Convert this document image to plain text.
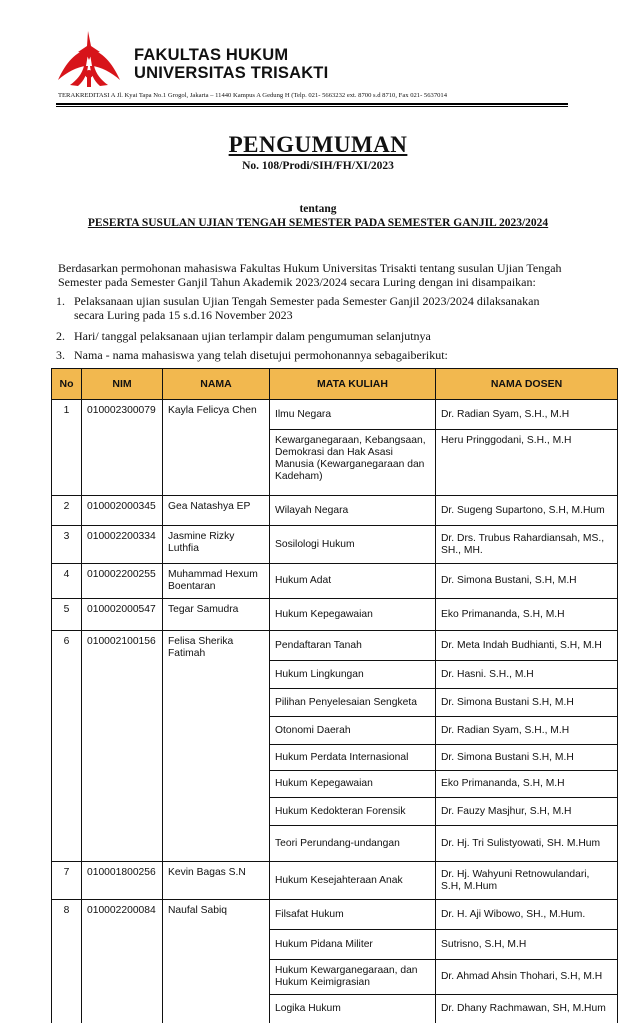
FAKULTAS HUKUM
UNIVERSITAS TRISAKTI
TERAKREDITASI A Jl. Kyai Tapa No.1 Grogol, Jakarta – 11440 Kampus A Gedung H (Telp. 021- 5663232 ext. 8700 s.d 8710, Fax 021- 5637014
PENGUMUMAN
No. 108/Prodi/SIH/FH/XI/2023
tentang
PESERTA SUSULAN UJIAN TENGAH SEMESTER PADA SEMESTER GANJIL 2023/2024
Berdasarkan permohonan mahasiswa Fakultas Hukum Universitas Trisakti tentang susulan Ujian Tengah
Semester pada Semester Ganjil Tahun Akademik 2023/2024 secara Luring dengan ini disampaikan:
1. Pelaksanaan ujian susulan Ujian Tengah Semester pada Semester Ganjil 2023/2024 dilaksanakan
secara Luring pada 15 s.d.16 November 2023
2. Hari/ tanggal pelaksanaan ujian terlampir dalam pengumuman selanjutnya
3. Nama - nama mahasiswa yang telah disetujui permohonannya sebagaiberikut:
No	NIM	NAMA	MATA KULIAH	NAMA DOSEN
1	010002300079	Kayla Felicya Chen	Ilmu Negara	Dr. Radian Syam, S.H., M.H
			Kewarganegaraan, Kebangsaan, Demokrasi dan Hak Asasi Manusia (Kewarganegaraan dan Kadeham)	Heru Pringgodani, S.H., M.H
2	010002000345	Gea Natashya EP	Wilayah Negara	Dr. Sugeng Supartono, S.H, M.Hum
3	010002200334	Jasmine Rizky Luthfia	Sosilologi Hukum	Dr. Drs. Trubus Rahardiansah, MS., SH., MH.
4	010002200255	Muhammad Hexum Boentaran	Hukum Adat	Dr. Simona Bustani, S.H, M.H
5	010002000547	Tegar Samudra	Hukum Kepegawaian	Eko Primananda, S.H, M.H
6	010002100156	Felisa Sherika Fatimah	Pendaftaran Tanah	Dr. Meta Indah Budhianti, S.H, M.H
			Hukum Lingkungan	Dr. Hasni. S.H., M.H
			Pilihan Penyelesaian Sengketa	Dr. Simona Bustani S.H, M.H
			Otonomi Daerah	Dr. Radian Syam, S.H., M.H
			Hukum Perdata Internasional	Dr. Simona Bustani S.H, M.H
			Hukum Kepegawaian	Eko Primananda, S.H, M.H
			Hukum Kedokteran Forensik	Dr. Fauzy Masjhur, S.H, M.H
			Teori Perundang-undangan	Dr. Hj. Tri Sulistyowati, SH. M.Hum
7	010001800256	Kevin Bagas S.N	Hukum Kesejahteraan Anak	Dr. Hj. Wahyuni Retnowulandari, S.H, M.Hum
8	010002200084	Naufal Sabiq	Filsafat Hukum	Dr. H. Aji Wibowo, SH., M.Hum.
			Hukum Pidana Militer	Sutrisno, S.H, M.H
			Hukum Kewarganegaraan, dan Hukum Keimigrasian	Dr. Ahmad Ahsin Thohari, S.H, M.H
			Logika Hukum	Dr. Dhany Rachmawan, SH, M.Hum
